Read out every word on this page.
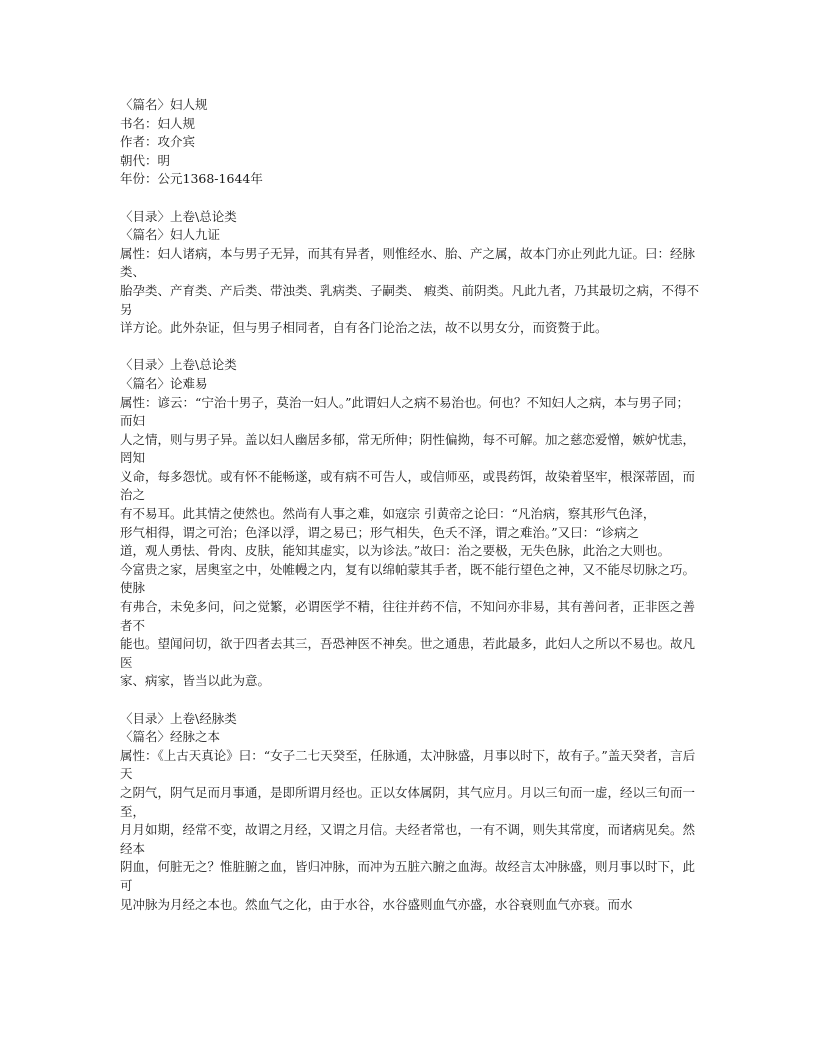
〈篇名〉妇人规
书名：妇人规
作者：攻介宾
朝代：明
年份：公元1368-1644年
〈目录〉上卷\总论类
〈篇名〉妇人九证
属性：妇人诸病，本与男子无异，而其有异者，则惟经水、胎、产之属，故本门亦止列此九证。曰：经脉类、
胎孕类、产育类、产后类、带浊类、乳病类、子嗣类、 瘕类、前阴类。凡此九者，乃其最切之病，不得不另
详方论。此外杂证，但与男子相同者，自有各门论治之法，故不以男女分，而资赘于此。
〈目录〉上卷\总论类
〈篇名〉论难易
属性：谚云：“宁治十男子，莫治一妇人。”此谓妇人之病不易治也。何也？不知妇人之病，本与男子同；而妇
人之情，则与男子异。盖以妇人幽居多郁，常无所伸；阴性偏拗，每不可解。加之慈恋爱憎，嫉妒忧恚，罔知
义命，每多怨忧。或有怀不能畅遂，或有病不可告人，或信师巫，或畏药饵，故染着坚牢，根深蒂固，而治之
有不易耳。此其情之使然也。然尚有人事之难，如寇宗 引黄帝之论曰：“凡治病，察其形气色泽，
形气相得，谓之可治；色泽以浮，谓之易已；形气相失，色夭不泽，谓之难治。”又曰：“诊病之
道，观人勇怯、骨肉、皮肤，能知其虚实，以为诊法。”故曰：治之要极，无失色脉，此治之大则也。
今富贵之家，居奥室之中，处帷幔之内，复有以绵帕蒙其手者，既不能行望色之神，又不能尽切脉之巧。使脉
有弗合，未免多问，问之觉繁，必谓医学不精，往往并药不信，不知问亦非易，其有善问者，正非医之善者不
能也。望闻问切，欲于四者去其三，吾恐神医不神矣。世之通患，若此最多，此妇人之所以不易也。故凡医
家、病家，皆当以此为意。
〈目录〉上卷\经脉类
〈篇名〉经脉之本
属性：《上古天真论》曰：“女子二七天癸至，任脉通，太冲脉盛，月事以时下，故有子。”盖天癸者，言后天
之阴气，阴气足而月事通，是即所谓月经也。正以女体属阴，其气应月。月以三旬而一虚，经以三旬而一至，
月月如期，经常不变，故谓之月经，又谓之月信。夫经者常也，一有不调，则失其常度，而诸病见矣。然经本
阴血，何脏无之？惟脏腑之血，皆归冲脉，而冲为五脏六腑之血海。故经言太冲脉盛，则月事以时下，此可
见冲脉为月经之本也。然血气之化，由于水谷，水谷盛则血气亦盛，水谷衰则血气亦衰。而水
